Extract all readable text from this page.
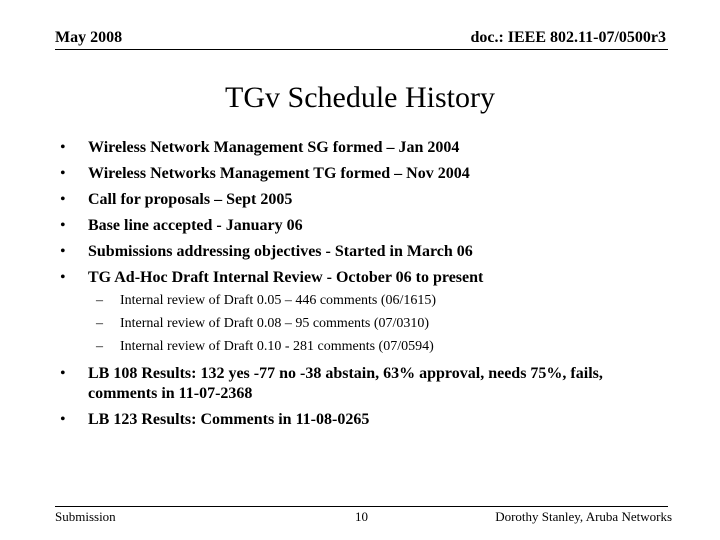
May 2008	doc.: IEEE 802.11-07/0500r3
TGv Schedule History
• Wireless Network Management SG formed – Jan 2004
• Wireless Networks Management TG formed – Nov 2004
• Call for proposals – Sept 2005
• Base line accepted - January 06
• Submissions addressing objectives - Started in March 06
• TG Ad-Hoc Draft Internal Review - October 06 to present
– Internal review of Draft 0.05 – 446 comments (06/1615)
– Internal review of Draft 0.08 – 95 comments (07/0310)
– Internal review of Draft 0.10 - 281 comments (07/0594)
• LB 108 Results: 132 yes -77 no -38 abstain, 63% approval, needs 75%, fails, comments in 11-07-2368
• LB 123 Results: Comments in 11-08-0265
Submission	10	Dorothy Stanley, Aruba Networks
